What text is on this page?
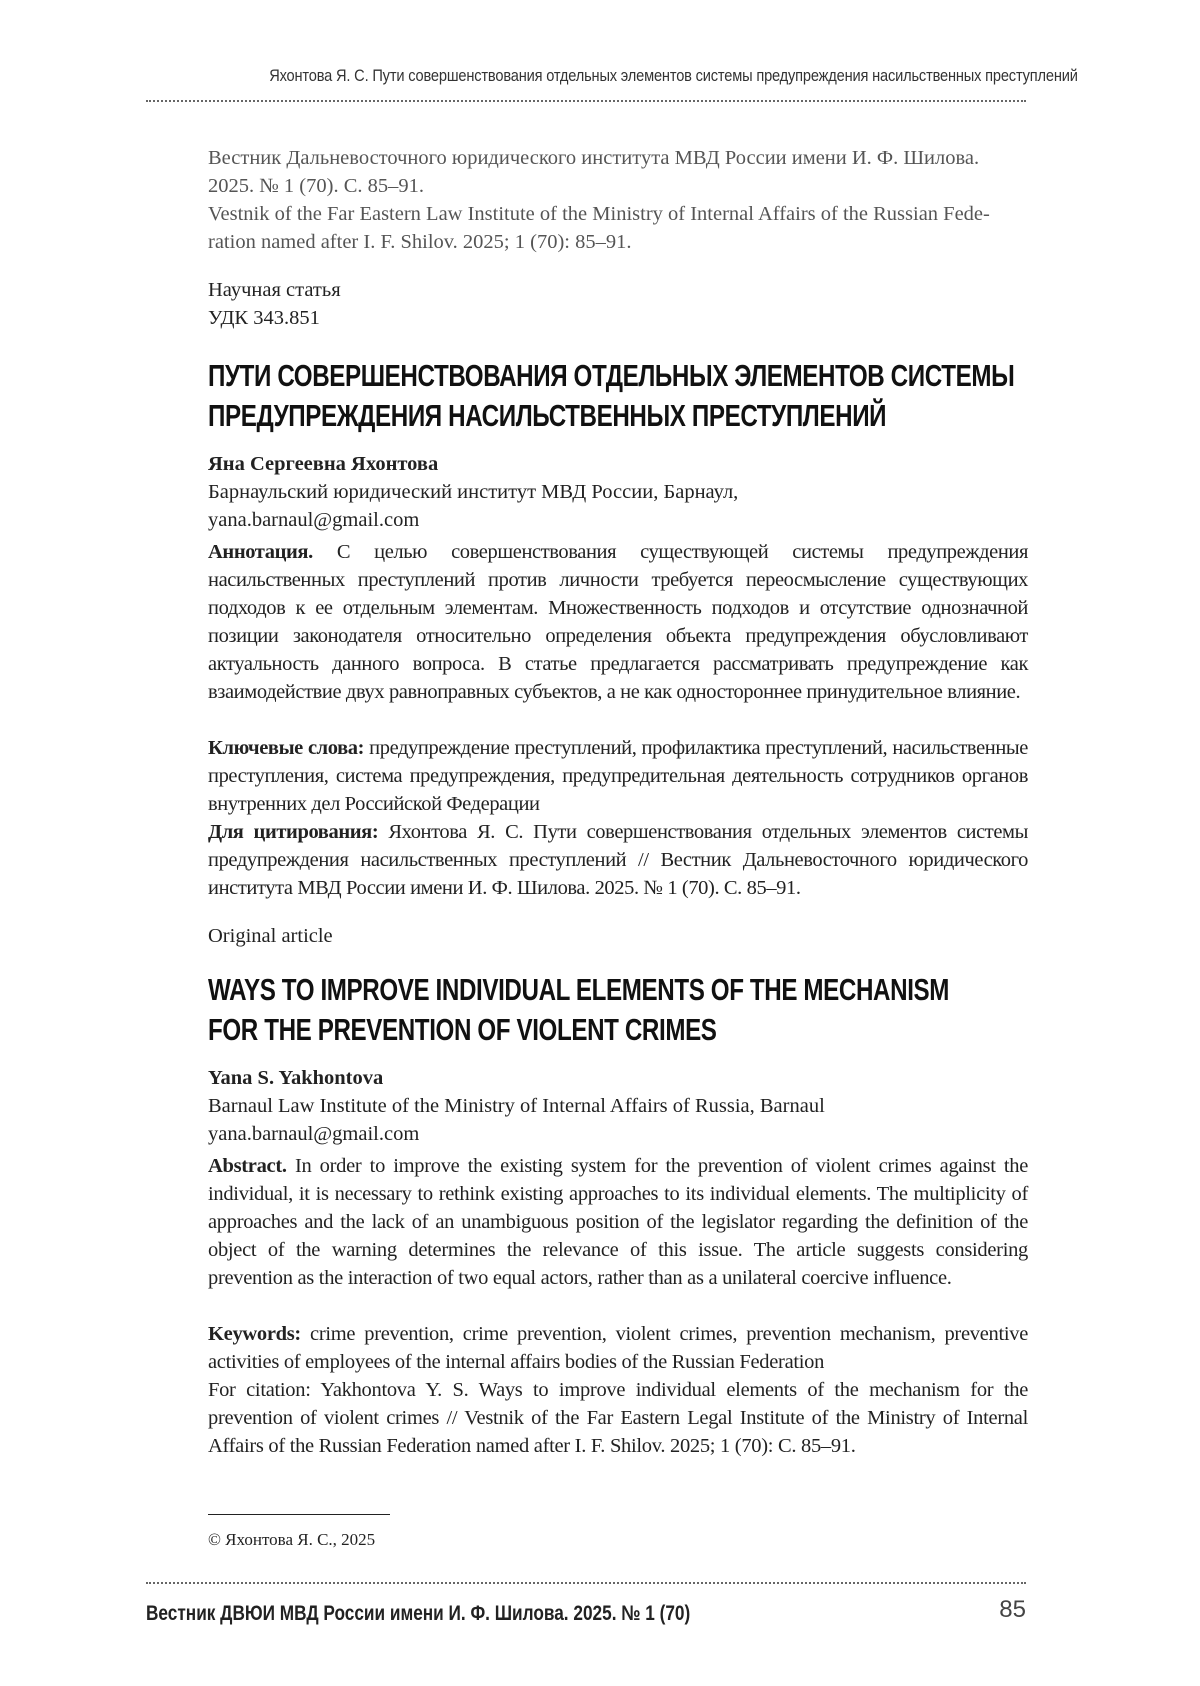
Яхонтова Я. С. Пути совершенствования отдельных элементов системы предупреждения насильственных преступлений
Вестник Дальневосточного юридического института МВД России имени И. Ф. Шилова.
2025. № 1 (70). С. 85–91.
Vestnik of the Far Eastern Law Institute of the Ministry of Internal Affairs of the Russian Fede-
ration named after I. F. Shilov. 2025; 1 (70): 85–91.
Научная статья
УДК 343.851
ПУТИ СОВЕРШЕНСТВОВАНИЯ ОТДЕЛЬНЫХ ЭЛЕМЕНТОВ СИСТЕМЫ
ПРЕДУПРЕЖДЕНИЯ НАСИЛЬСТВЕННЫХ ПРЕСТУПЛЕНИЙ
Яна Сергеевна Яхонтова
Барнаульский юридический институт МВД России, Барнаул,
yana.barnaul@gmail.com
Аннотация. С целью совершенствования существующей системы предупреждения насильственных преступлений против личности требуется переосмысление существующих подходов к ее отдельным элементам. Множественность подходов и отсутствие однозначной позиции законодателя относительно определения объекта предупреждения обусловливают актуальность данного вопроса. В статье предлагается рассматривать предупреждение как взаимодействие двух равноправных субъектов, а не как одностороннее принудительное влияние.
Ключевые слова: предупреждение преступлений, профилактика преступлений, насильственные преступления, система предупреждения, предупредительная деятельность сотрудников органов внутренних дел Российской Федерации
Для цитирования: Яхонтова Я. С. Пути совершенствования отдельных элементов системы предупреждения насильственных преступлений // Вестник Дальневосточного юридического института МВД России имени И. Ф. Шилова. 2025. № 1 (70). С. 85–91.
Original article
WAYS TO IMPROVE INDIVIDUAL ELEMENTS OF THE MECHANISM
FOR THE PREVENTION OF VIOLENT CRIMES
Yana S. Yakhontova
Barnaul Law Institute of the Ministry of Internal Affairs of Russia, Barnaul
yana.barnaul@gmail.com
Abstract. In order to improve the existing system for the prevention of violent crimes against the individual, it is necessary to rethink existing approaches to its individual elements. The multiplicity of approaches and the lack of an unambiguous position of the legislator regarding the definition of the object of the warning determines the relevance of this issue. The article suggests considering prevention as the interaction of two equal actors, rather than as a unilateral coercive influence.
Keywords: crime prevention, crime prevention, violent crimes, prevention mechanism, preventive activities of employees of the internal affairs bodies of the Russian Federation
For citation: Yakhontova Y. S. Ways to improve individual elements of the mechanism for the prevention of violent crimes // Vestnik of the Far Eastern Legal Institute of the Ministry of Internal Affairs of the Russian Federation named after I. F. Shilov. 2025; 1 (70): C. 85–91.
© Яхонтова Я. С., 2025
Вестник ДВЮИ МВД России имени И. Ф. Шилова. 2025. № 1 (70)	85
